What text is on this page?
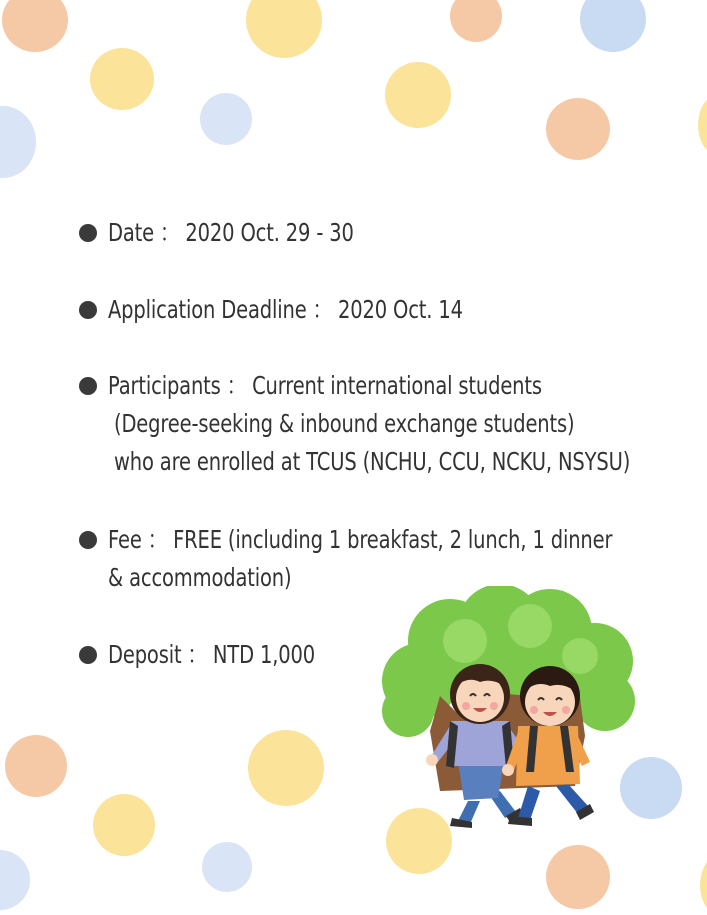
Date ： 2020 Oct. 29 - 30
Application Deadline ： 2020 Oct. 14
Participants ： Current international students
(Degree-seeking & inbound exchange students)
who are enrolled at TCUS (NCHU, CCU, NCKU, NSYSU)
Fee ： FREE (including 1 breakfast, 2 lunch, 1 dinner
& accommodation)
Deposit ： NTD 1,000
